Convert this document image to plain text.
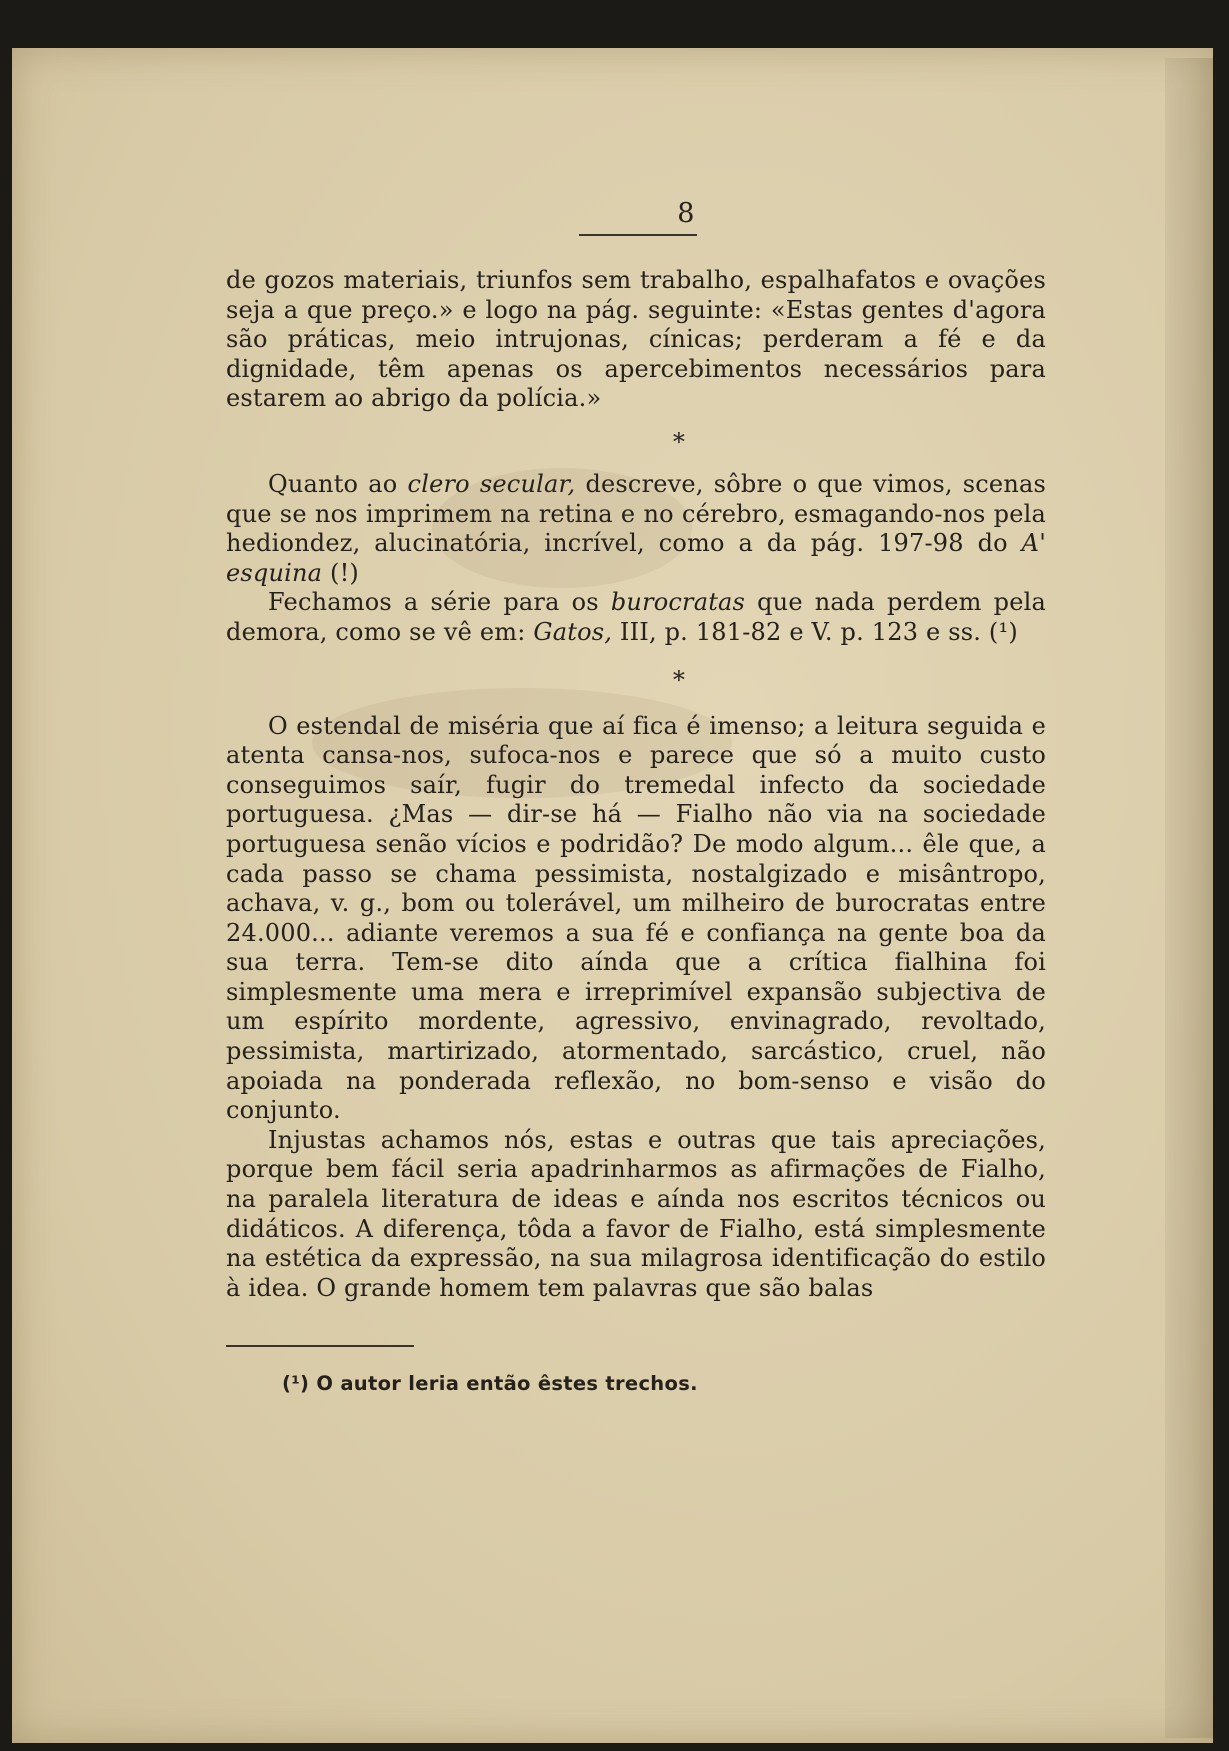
8

de gozos materiais, triunfos sem trabalho, espalhafatos e ovações seja a que preço.» e logo na pág. seguinte: «Estas gentes d'agora são práticas, meio intrujonas, cínicas; perderam a fé e da dignidade, têm apenas os apercebimentos necessários para estarem ao abrigo da polícia.»

*

Quanto ao clero secular, descreve, sôbre o que vimos, scenas que se nos imprimem na retina e no cérebro, esmagando-nos pela hediondez, alucinatória, incrível, como a da pág. 197-98 do A' esquina (!)

Fechamos a série para os burocratas que nada perdem pela demora, como se vê em: Gatos, III, p. 181-82 e V. p. 123 e ss. (¹)

*

O estendal de miséria que aí fica é imenso; a leitura seguida e atenta cansa-nos, sufoca-nos e parece que só a muito custo conseguimos saír, fugir do tremedal infecto da sociedade portuguesa. ¿Mas — dir-se há — Fialho não via na sociedade portuguesa senão vícios e podridão? De modo algum... êle que, a cada passo se chama pessimista, nostalgizado e misântropo, achava, v. g., bom ou tolerável, um milheiro de burocratas entre 24.000... adiante veremos a sua fé e confiança na gente boa da sua terra. Tem-se dito aínda que a crítica fialhina foi simplesmente uma mera e irreprimível expansão subjectiva de um espírito mordente, agressivo, envinagrado, revoltado, pessimista, martirizado, atormentado, sarcástico, cruel, não apoiada na ponderada reflexão, no bom-senso e visão do conjunto.

Injustas achamos nós, estas e outras que tais apreciações, porque bem fácil seria apadrinharmos as afirmações de Fialho, na paralela literatura de ideas e aínda nos escritos técnicos ou didáticos. A diferença, tôda a favor de Fialho, está simplesmente na estética da expressão, na sua milagrosa identificação do estilo à idea. O grande homem tem palavras que são balas

(¹) O autor leria então êstes trechos.
